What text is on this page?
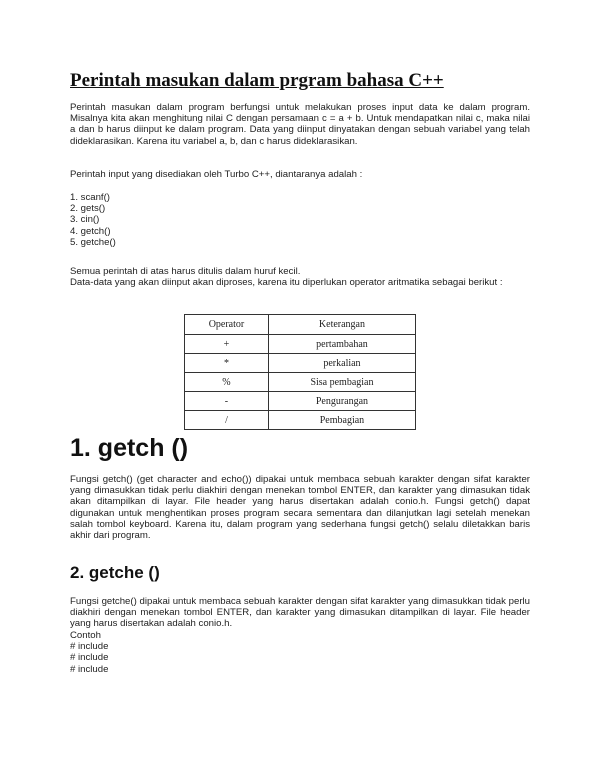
Perintah masukan dalam prgram bahasa C++

Perintah masukan dalam program berfungsi untuk melakukan proses input data ke dalam program. Misalnya kita akan menghitung nilai C dengan persamaan c = a + b. Untuk mendapatkan nilai c, maka nilai a dan b harus diinput ke dalam program. Data yang diinput dinyatakan dengan sebuah variabel yang telah dideklarasikan. Karena itu variabel a, b, dan c harus dideklarasikan.

Perintah input yang disediakan oleh Turbo C++, diantaranya adalah :

1. scanf()
2. gets()
3. cin()
4. getch()
5. getche()

Semua perintah di atas harus ditulis dalam huruf kecil.

Data-data yang akan diinput akan diproses, karena itu diperlukan operator aritmatika sebagai berikut :

Operator	Keterangan
+	pertambahan
*	perkalian
%	Sisa pembagian
-	Pengurangan
/	Pembagian
1. getch ()

Fungsi getch() (get character and echo()) dipakai untuk membaca sebuah karakter dengan sifat karakter yang dimasukkan tidak perlu diakhiri dengan menekan tombol ENTER, dan karakter yang dimasukan tidak akan ditampilkan di layar. File header yang harus disertakan adalah conio.h. Fungsi getch() dapat digunakan untuk menghentikan proses program secara sementara dan dilanjutkan lagi setelah menekan salah tombol keyboard. Karena itu, dalam program yang sederhana fungsi getch() selalu diletakkan baris akhir dari program.

2. getche ()

Fungsi getche() dipakai untuk membaca sebuah karakter dengan sifat karakter yang dimasukkan tidak perlu diakhiri dengan menekan tombol ENTER, dan karakter yang dimasukan ditampilkan di layar. File header yang harus disertakan adalah conio.h.

Contoh
# include
# include
# include
